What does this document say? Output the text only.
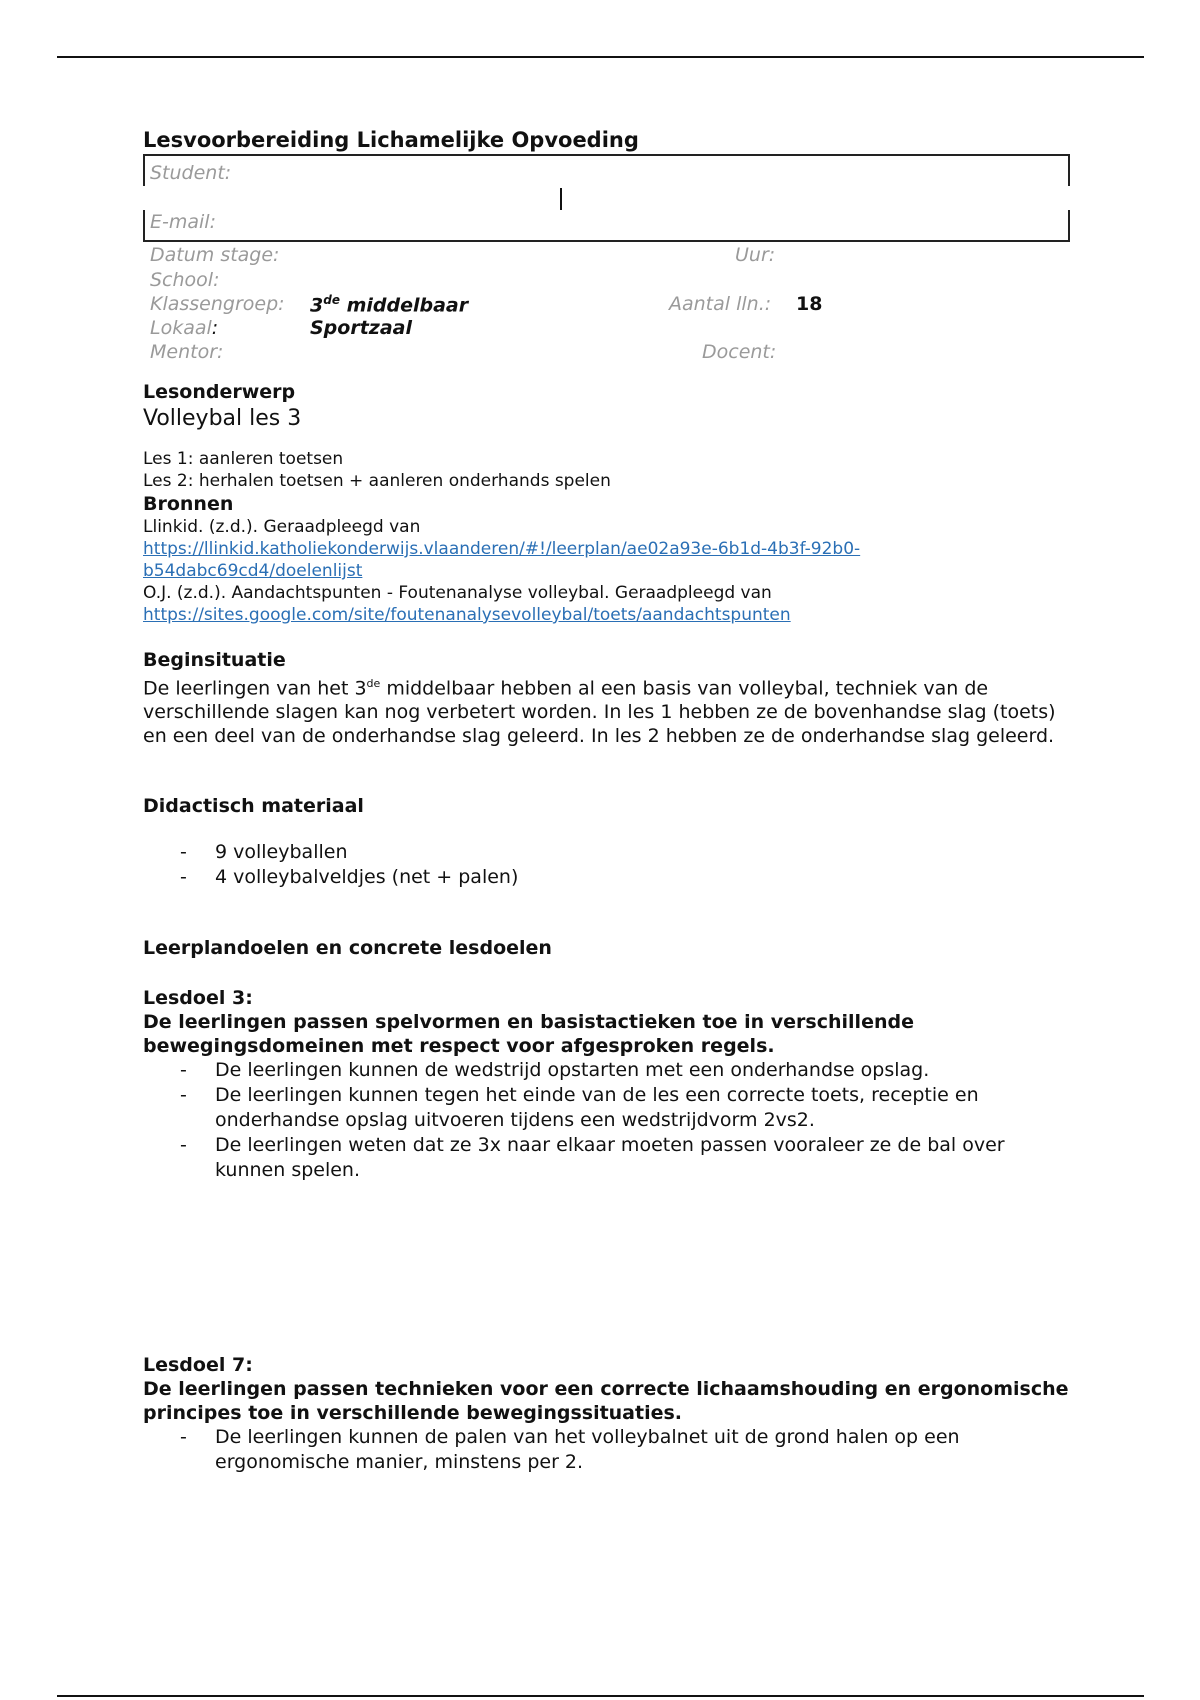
Lesvoorbereiding Lichamelijke Opvoeding
Student:
E-mail:
Datum stage:	Uur:
School:
Klassengroep: 3de middelbaar	Aantal lln.: 18
Lokaal:	Sportzaal
Mentor:	Docent:
Lesonderwerp

Volleybal les 3

Les 1: aanleren toetsen

Les 2: herhalen toetsen + aanleren onderhands spelen

Bronnen

Llinkid. (z.d.). Geraadpleegd van

https://llinkid.katholiekonderwijs.vlaanderen/#!/leerplan/ae02a93e-6b1d-4b3f-92b0-
b54dabc69cd4/doelenlijst

O.J. (z.d.). Aandachtspunten - Foutenanalyse volleybal. Geraadpleegd van

https://sites.google.com/site/foutenanalysevolleybal/toets/aandachtspunten

Beginsituatie

De leerlingen van het 3de middelbaar hebben al een basis van volleybal, techniek van de verschillende slagen kan nog verbetert worden. In les 1 hebben ze de bovenhandse slag (toets) en een deel van de onderhandse slag geleerd. In les 2 hebben ze de onderhandse slag geleerd.

Didactisch materiaal
- 9 volleyballen
- 4 volleybalveldjes (net + palen)
Leerplandoelen en concrete lesdoelen
Lesdoel 3:
De leerlingen passen spelvormen en basistactieken toe in verschillende bewegingsdomeinen met respect voor afgesproken regels.
- De leerlingen kunnen de wedstrijd opstarten met een onderhandse opslag.
- De leerlingen kunnen tegen het einde van de les een correcte toets, receptie en onderhandse opslag uitvoeren tijdens een wedstrijdvorm 2vs2.
- De leerlingen weten dat ze 3x naar elkaar moeten passen vooraleer ze de bal over kunnen spelen.
Lesdoel 7:
De leerlingen passen technieken voor een correcte lichaamshouding en ergonomische principes toe in verschillende bewegingssituaties.
- De leerlingen kunnen de palen van het volleybalnet uit de grond halen op een ergonomische manier, minstens per 2.
